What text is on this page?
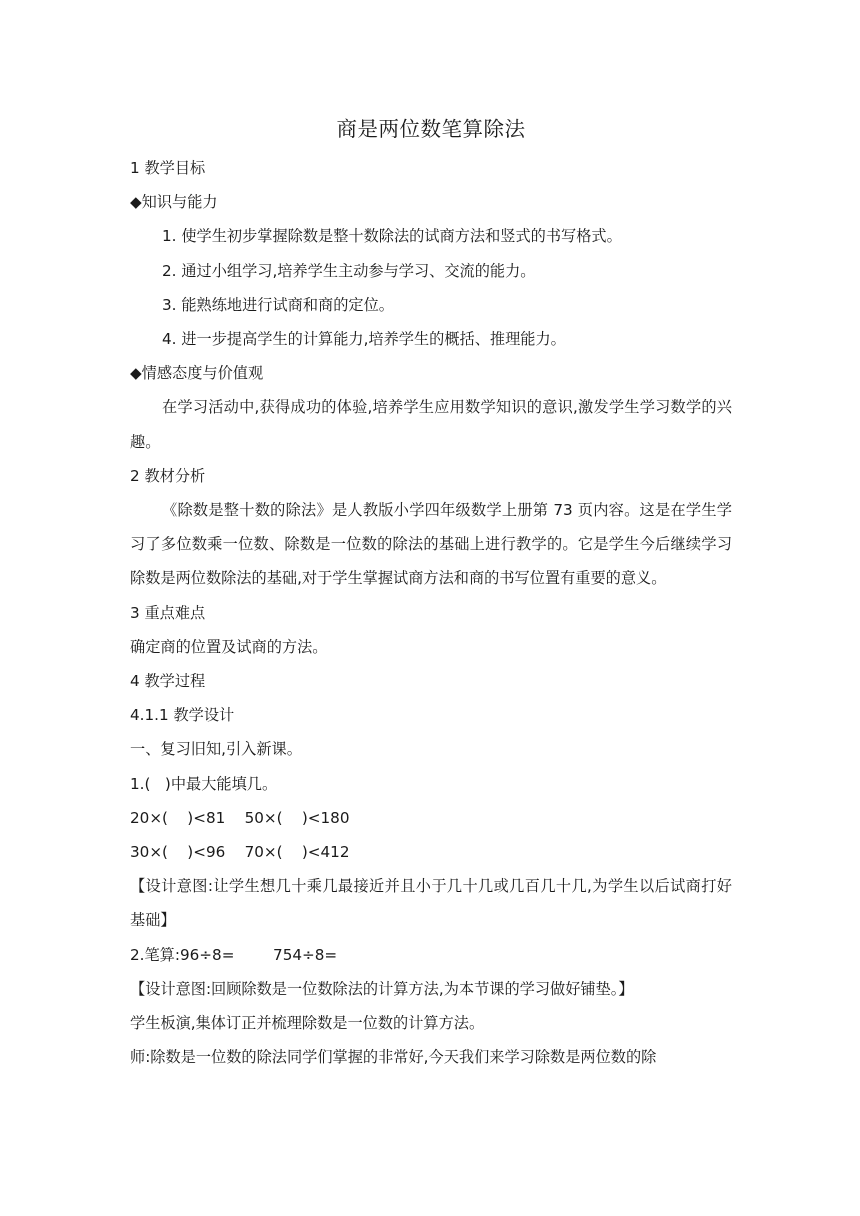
商是两位数笔算除法
1 教学目标
◆知识与能力
1. 使学生初步掌握除数是整十数除法的试商方法和竖式的书写格式。
2. 通过小组学习,培养学生主动参与学习、交流的能力。
3. 能熟练地进行试商和商的定位。
4. 进一步提高学生的计算能力,培养学生的概括、推理能力。
◆情感态度与价值观
在学习活动中,获得成功的体验,培养学生应用数学知识的意识,激发学生学习数学的兴趣。
2 教材分析
《除数是整十数的除法》是人教版小学四年级数学上册第 73 页内容。这是在学生学习了多位数乘一位数、除数是一位数的除法的基础上进行教学的。它是学生今后继续学习除数是两位数除法的基础,对于学生掌握试商方法和商的书写位置有重要的意义。
3 重点难点
确定商的位置及试商的方法。
4 教学过程
4.1.1 教学设计
一、复习旧知,引入新课。
1.(   )中最大能填几。
20×(    )<81    50×(    )<180
30×(    )<96    70×(    )<412
【设计意图:让学生想几十乘几最接近并且小于几十几或几百几十几,为学生以后试商打好基础】
2.笔算:96÷8=        754÷8=
【设计意图:回顾除数是一位数除法的计算方法,为本节课的学习做好铺垫。】
学生板演,集体订正并梳理除数是一位数的计算方法。
师:除数是一位数的除法同学们掌握的非常好,今天我们来学习除数是两位数的除
